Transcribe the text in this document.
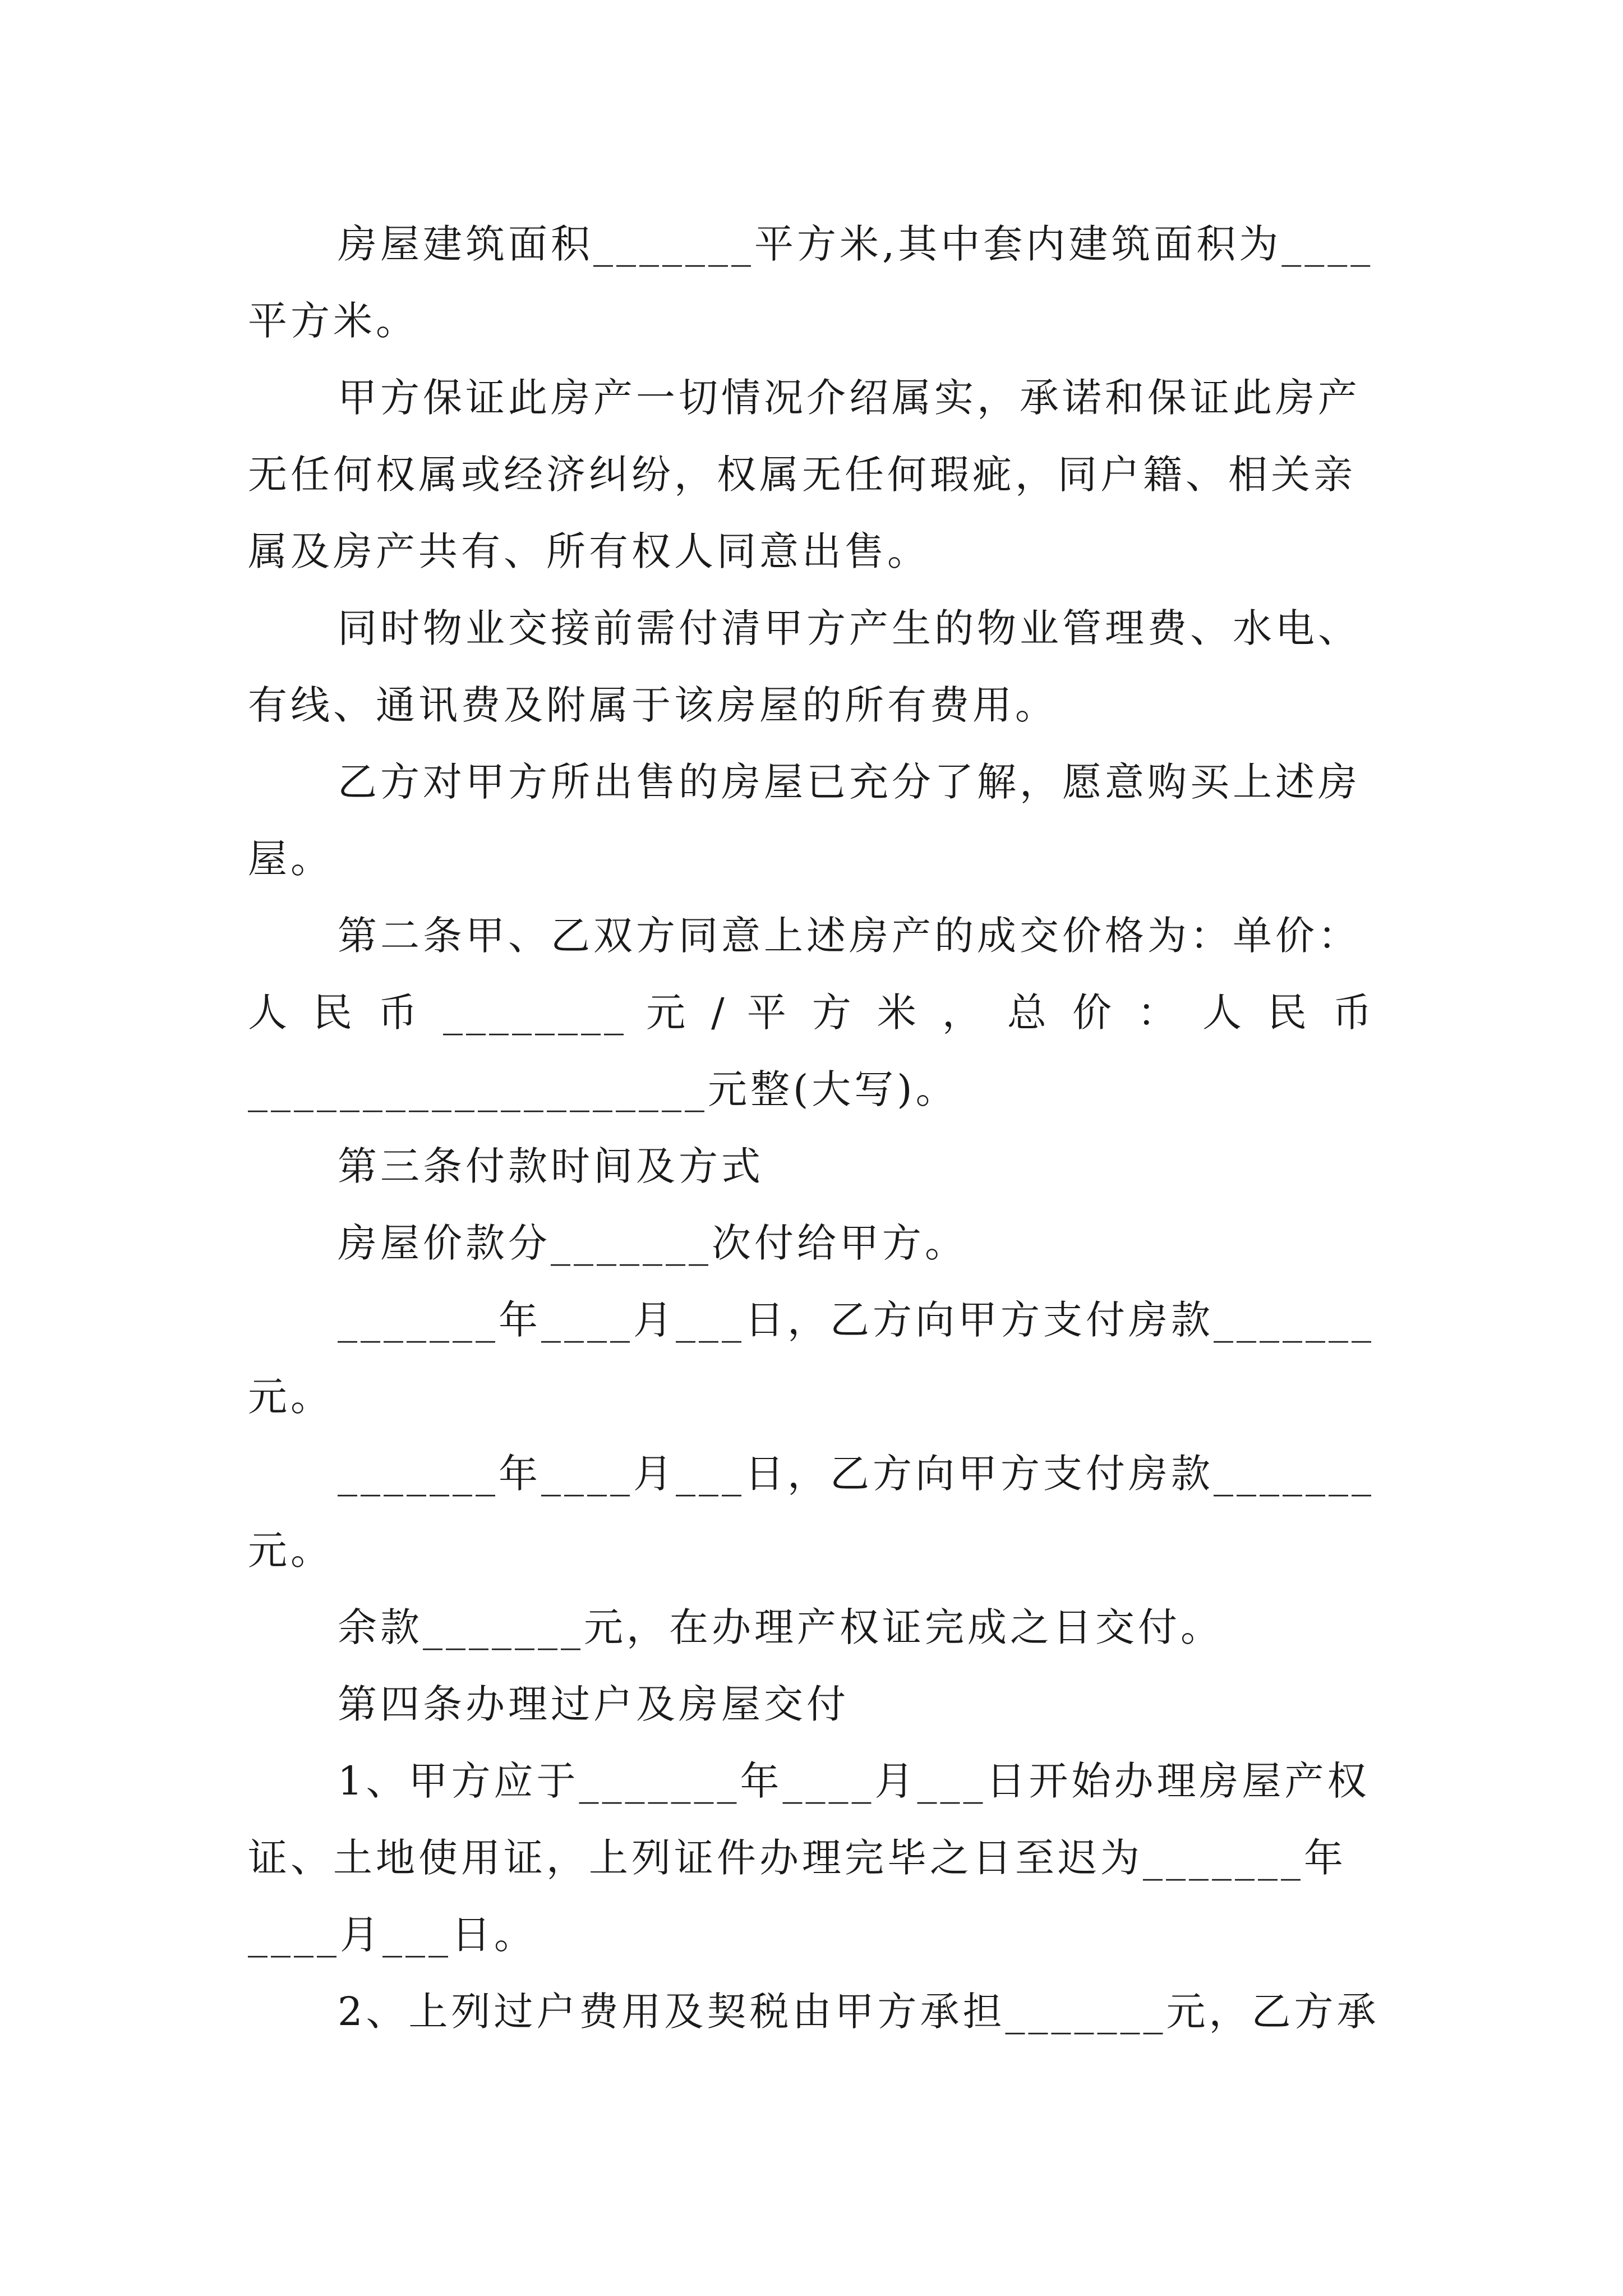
房屋建筑面积_______平方米,其中套内建筑面积为____
平方米。
甲方保证此房产一切情况介绍属实，承诺和保证此房产
无任何权属或经济纠纷，权属无任何瑕疵，同户籍、相关亲
属及房产共有、所有权人同意出售。
同时物业交接前需付清甲方产生的物业管理费、水电、
有线、通讯费及附属于该房屋的所有费用。
乙方对甲方所出售的房屋已充分了解，愿意购买上述房
屋。
第二条甲、乙双方同意上述房产的成交价格为：单价：
人 民 币 ________ 元 / 平 方 米 ， 总 价 ： 人 民 币
____________________元整(大写)。
第三条付款时间及方式
房屋价款分_______次付给甲方。
_______年____月___日，乙方向甲方支付房款_______
元。
_______年____月___日，乙方向甲方支付房款_______
元。
余款_______元，在办理产权证完成之日交付。
第四条办理过户及房屋交付
1、甲方应于_______年____月___日开始办理房屋产权
证、土地使用证，上列证件办理完毕之日至迟为_______年
____月___日。
2、上列过户费用及契税由甲方承担_______元，乙方承
